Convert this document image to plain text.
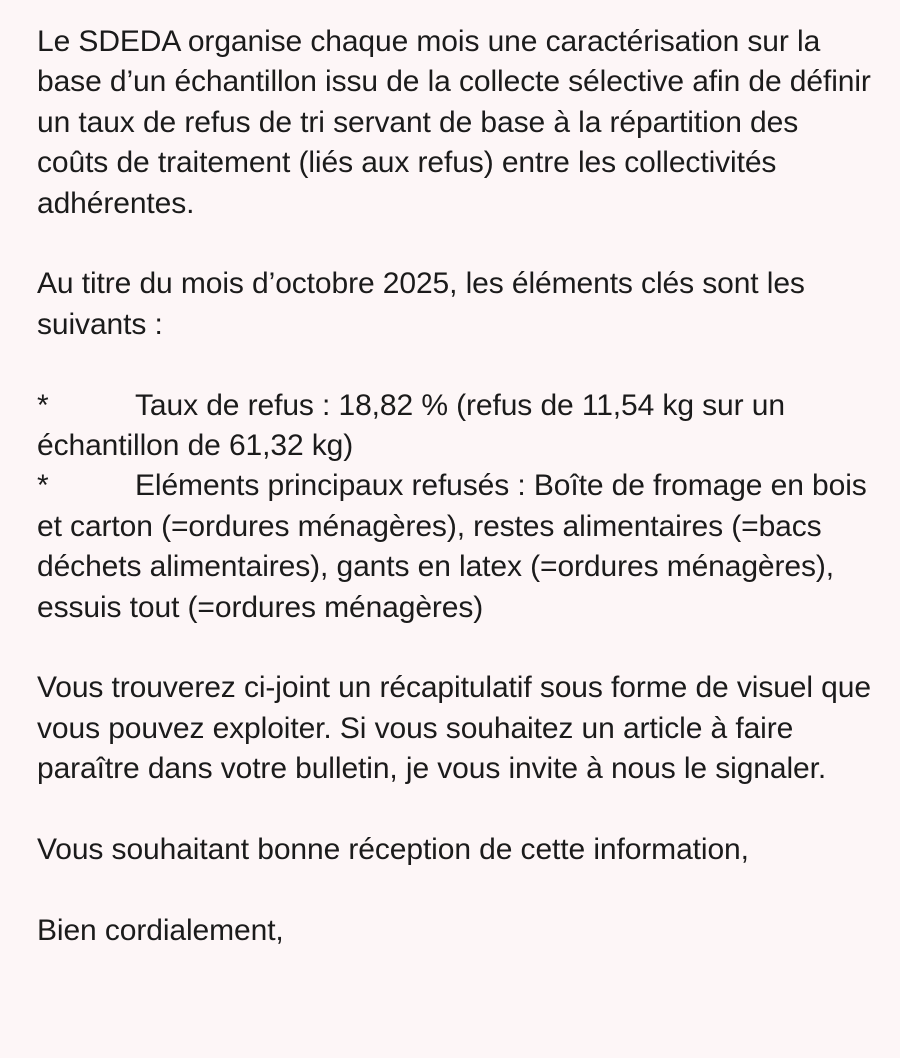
Le SDEDA organise chaque mois une caractérisation sur la base d’un échantillon issu de la collecte sélective afin de définir un taux de refus de tri servant de base à la répartition des coûts de traitement (liés aux refus) entre les collectivités adhérentes.

Au titre du mois d’octobre 2025, les éléments clés sont les suivants :

*	Taux de refus : 18,82 % (refus de 11,54 kg sur un échantillon de 61,32 kg)

*	Eléments principaux refusés : Boîte de fromage en bois et carton (=ordures ménagères), restes alimentaires (=bacs déchets alimentaires), gants en latex (=ordures ménagères), essuis tout (=ordures ménagères)

Vous trouverez ci-joint un récapitulatif sous forme de visuel que vous pouvez exploiter. Si vous souhaitez un article à faire paraître dans votre bulletin, je vous invite à nous le signaler.

Vous souhaitant bonne réception de cette information,

Bien cordialement,
